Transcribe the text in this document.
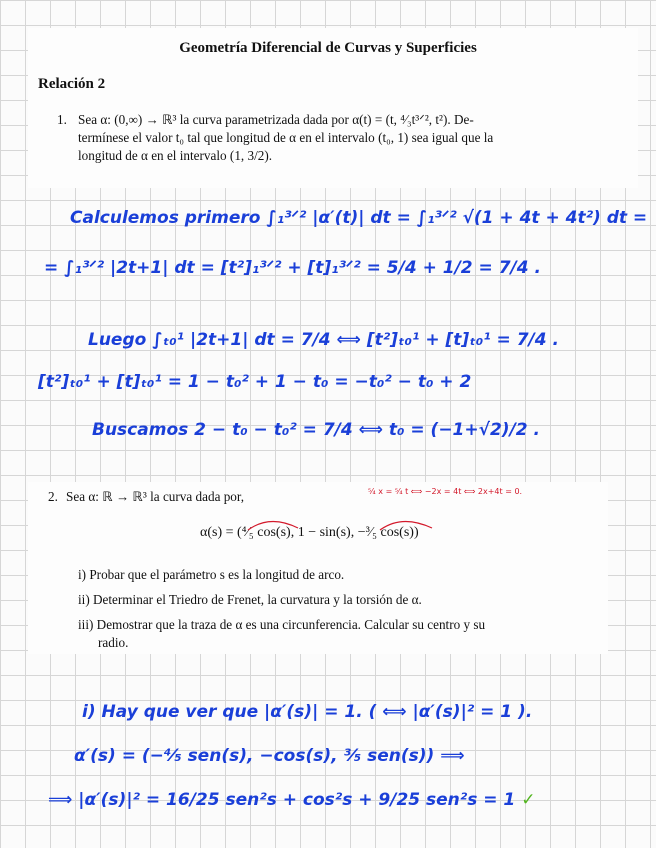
Geometría Diferencial de Curvas y Superficies
Relación 2
1. Sea α: (0,∞) → ℝ³ la curva parametrizada dada por α(t) = (t, ⁴⁄₃t³ᐟ², t²). De-
termínese el valor t₀ tal que longitud de α en el intervalo (t₀, 1) sea igual que la
longitud de α en el intervalo (1, 3/2).
Calculemos primero ∫₁³ᐟ² |α′(t)| dt = ∫₁³ᐟ² √(1 + 4t + 4t²) dt =
= ∫₁³ᐟ² |2t+1| dt = [t²]₁³ᐟ² + [t]₁³ᐟ² = 5/4 + 1/2 = 7/4 .
Luego ∫ₜ₀¹ |2t+1| dt = 7/4 ⟺ [t²]ₜ₀¹ + [t]ₜ₀¹ = 7/4 .
[t²]ₜ₀¹ + [t]ₜ₀¹ = 1 − t₀² + 1 − t₀ = −t₀² − t₀ + 2
Buscamos 2 − t₀ − t₀² = 7/4 ⟺ t₀ = (−1+√2)/2 .
⁵⁄₄ x = ⁵⁄₄ t ⟺ −2x = 4t ⟺ 2x+4t = 0.
2. Sea α: ℝ → ℝ³ la curva dada por,
α(s) = (⁴⁄₅ cos(s), 1 − sin(s), −³⁄₅ cos(s))
i) Probar que el parámetro s es la longitud de arco.
ii) Determinar el Triedro de Frenet, la curvatura y la torsión de α.
iii) Demostrar que la traza de α es una circunferencia. Calcular su centro y su
radio.
i) Hay que ver que |α′(s)| = 1. ( ⟺ |α′(s)|² = 1 ).
α′(s) = (−⁴⁄₅ sen(s), −cos(s), ³⁄₅ sen(s)) ⟹
⟹ |α′(s)|² = 16/25 sen²s + cos²s + 9/25 sen²s = 1 ✓
